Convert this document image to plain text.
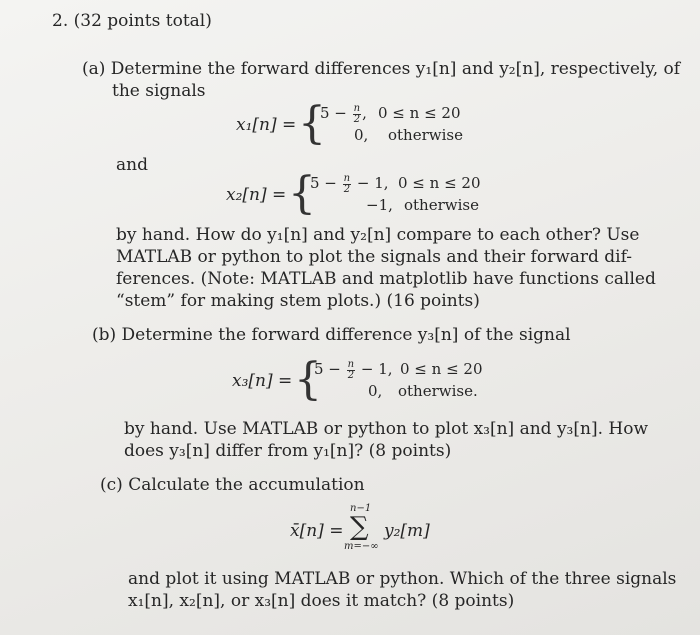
2. (32 points total)
(a) Determine the forward differences y₁[n] and y₂[n], respectively, of
the signals
x₁[n] = {
$5 - \frac{n}{2}$ , 0 ≤ n ≤ 20
0, otherwise
and
x₂[n] = {
$5 - \frac{n}{2} - 1$, 0 ≤ n ≤ 20
−1, otherwise
by hand. How do y₁[n] and y₂[n] compare to each other? Use
MATLAB or python to plot the signals and their forward dif-
ferences. (Note: MATLAB and matplotlib have functions called
“stem” for making stem plots.) (16 points)
(b) Determine the forward difference y₃[n] of the signal
x₃[n] = {
$5 - \frac{n}{2} - 1$, 0 ≤ n ≤ 20
0, otherwise.
by hand. Use MATLAB or python to plot x₃[n] and y₃[n]. How
does y₃[n] differ from y₁[n]? (8 points)
(c) Calculate the accumulation
x̄[n] =
n−1
∑
m=−∞
y₂[m]
and plot it using MATLAB or python. Which of the three signals
x₁[n], x₂[n], or x₃[n] does it match? (8 points)
